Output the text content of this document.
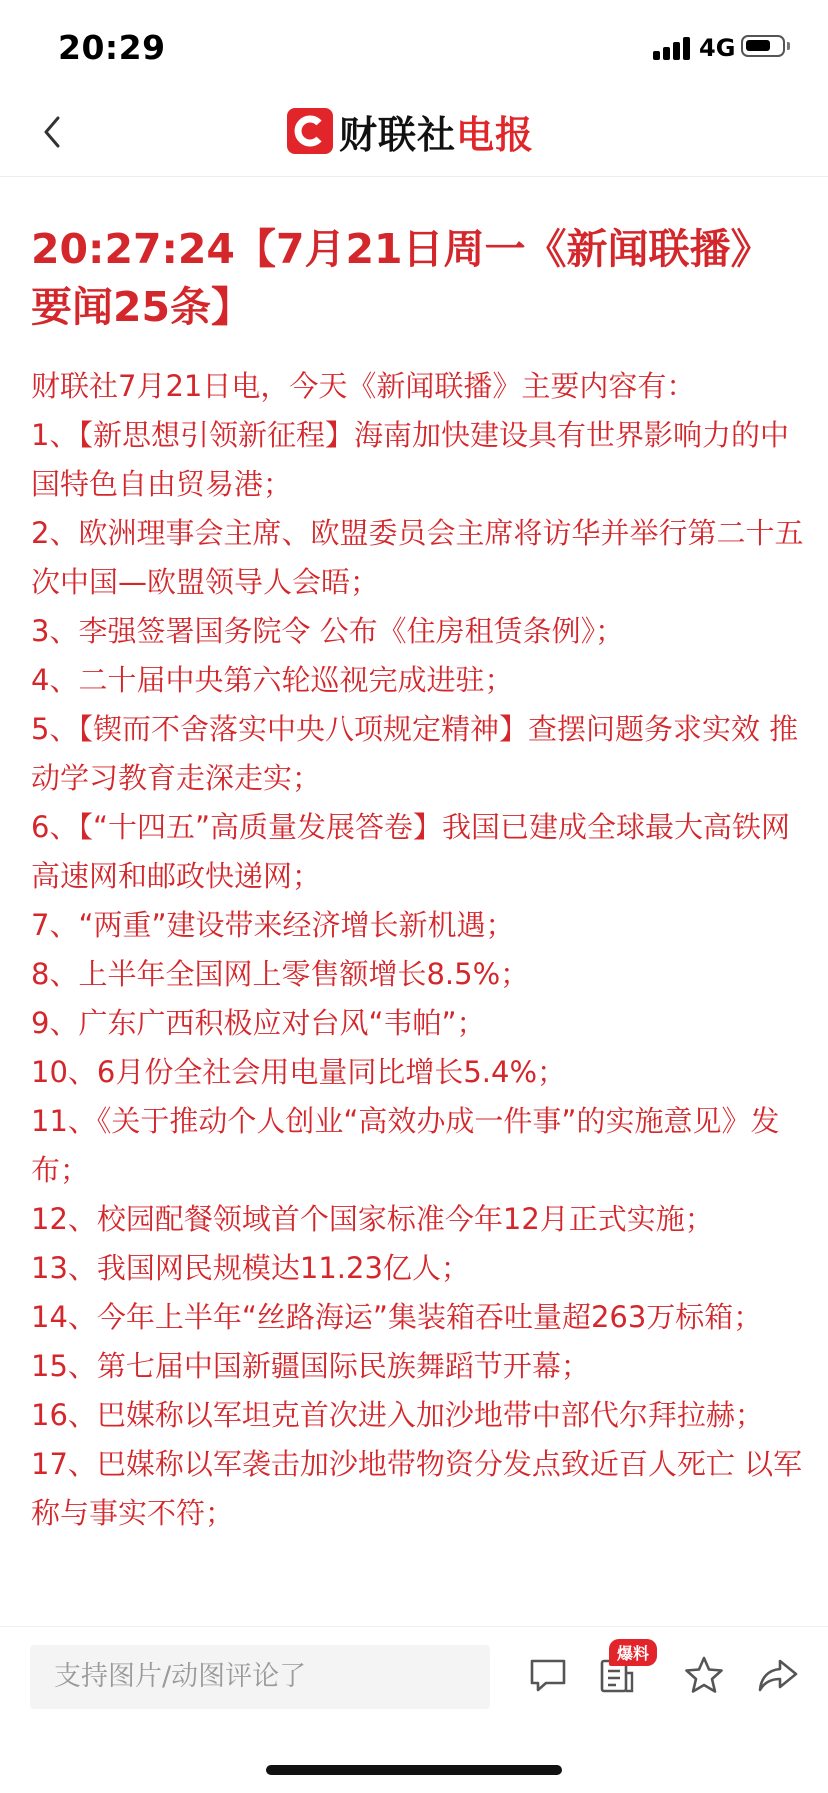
20:29	4G
财联社 电报
20:27:24【7月21日周一《新闻联播》要闻25条】

财联社7月21日电，今天《新闻联播》主要内容有：

1、【新思想引领新征程】海南加快建设具有世界影响力的中国特色自由贸易港；

2、欧洲理事会主席、欧盟委员会主席将访华并举行第二十五次中国—欧盟领导人会晤；

3、李强签署国务院令 公布《住房租赁条例》；

4、二十届中央第六轮巡视完成进驻；

5、【锲而不舍落实中央八项规定精神】查摆问题务求实效 推动学习教育走深走实；

6、【“十四五”高质量发展答卷】我国已建成全球最大高铁网 高速网和邮政快递网；

7、“两重”建设带来经济增长新机遇；

8、上半年全国网上零售额增长8.5%；

9、广东广西积极应对台风“韦帕”；

10、6月份全社会用电量同比增长5.4%；

11、《关于推动个人创业“高效办成一件事”的实施意见》发布；

12、校园配餐领域首个国家标准今年12月正式实施；

13、我国网民规模达11.23亿人；

14、今年上半年“丝路海运”集装箱吞吐量超263万标箱；

15、第七届中国新疆国际民族舞蹈节开幕；

16、巴媒称以军坦克首次进入加沙地带中部代尔拜拉赫；

17、巴媒称以军袭击加沙地带物资分发点致近百人死亡 以军称与事实不符；

支持图片/动图评论了
爆料
